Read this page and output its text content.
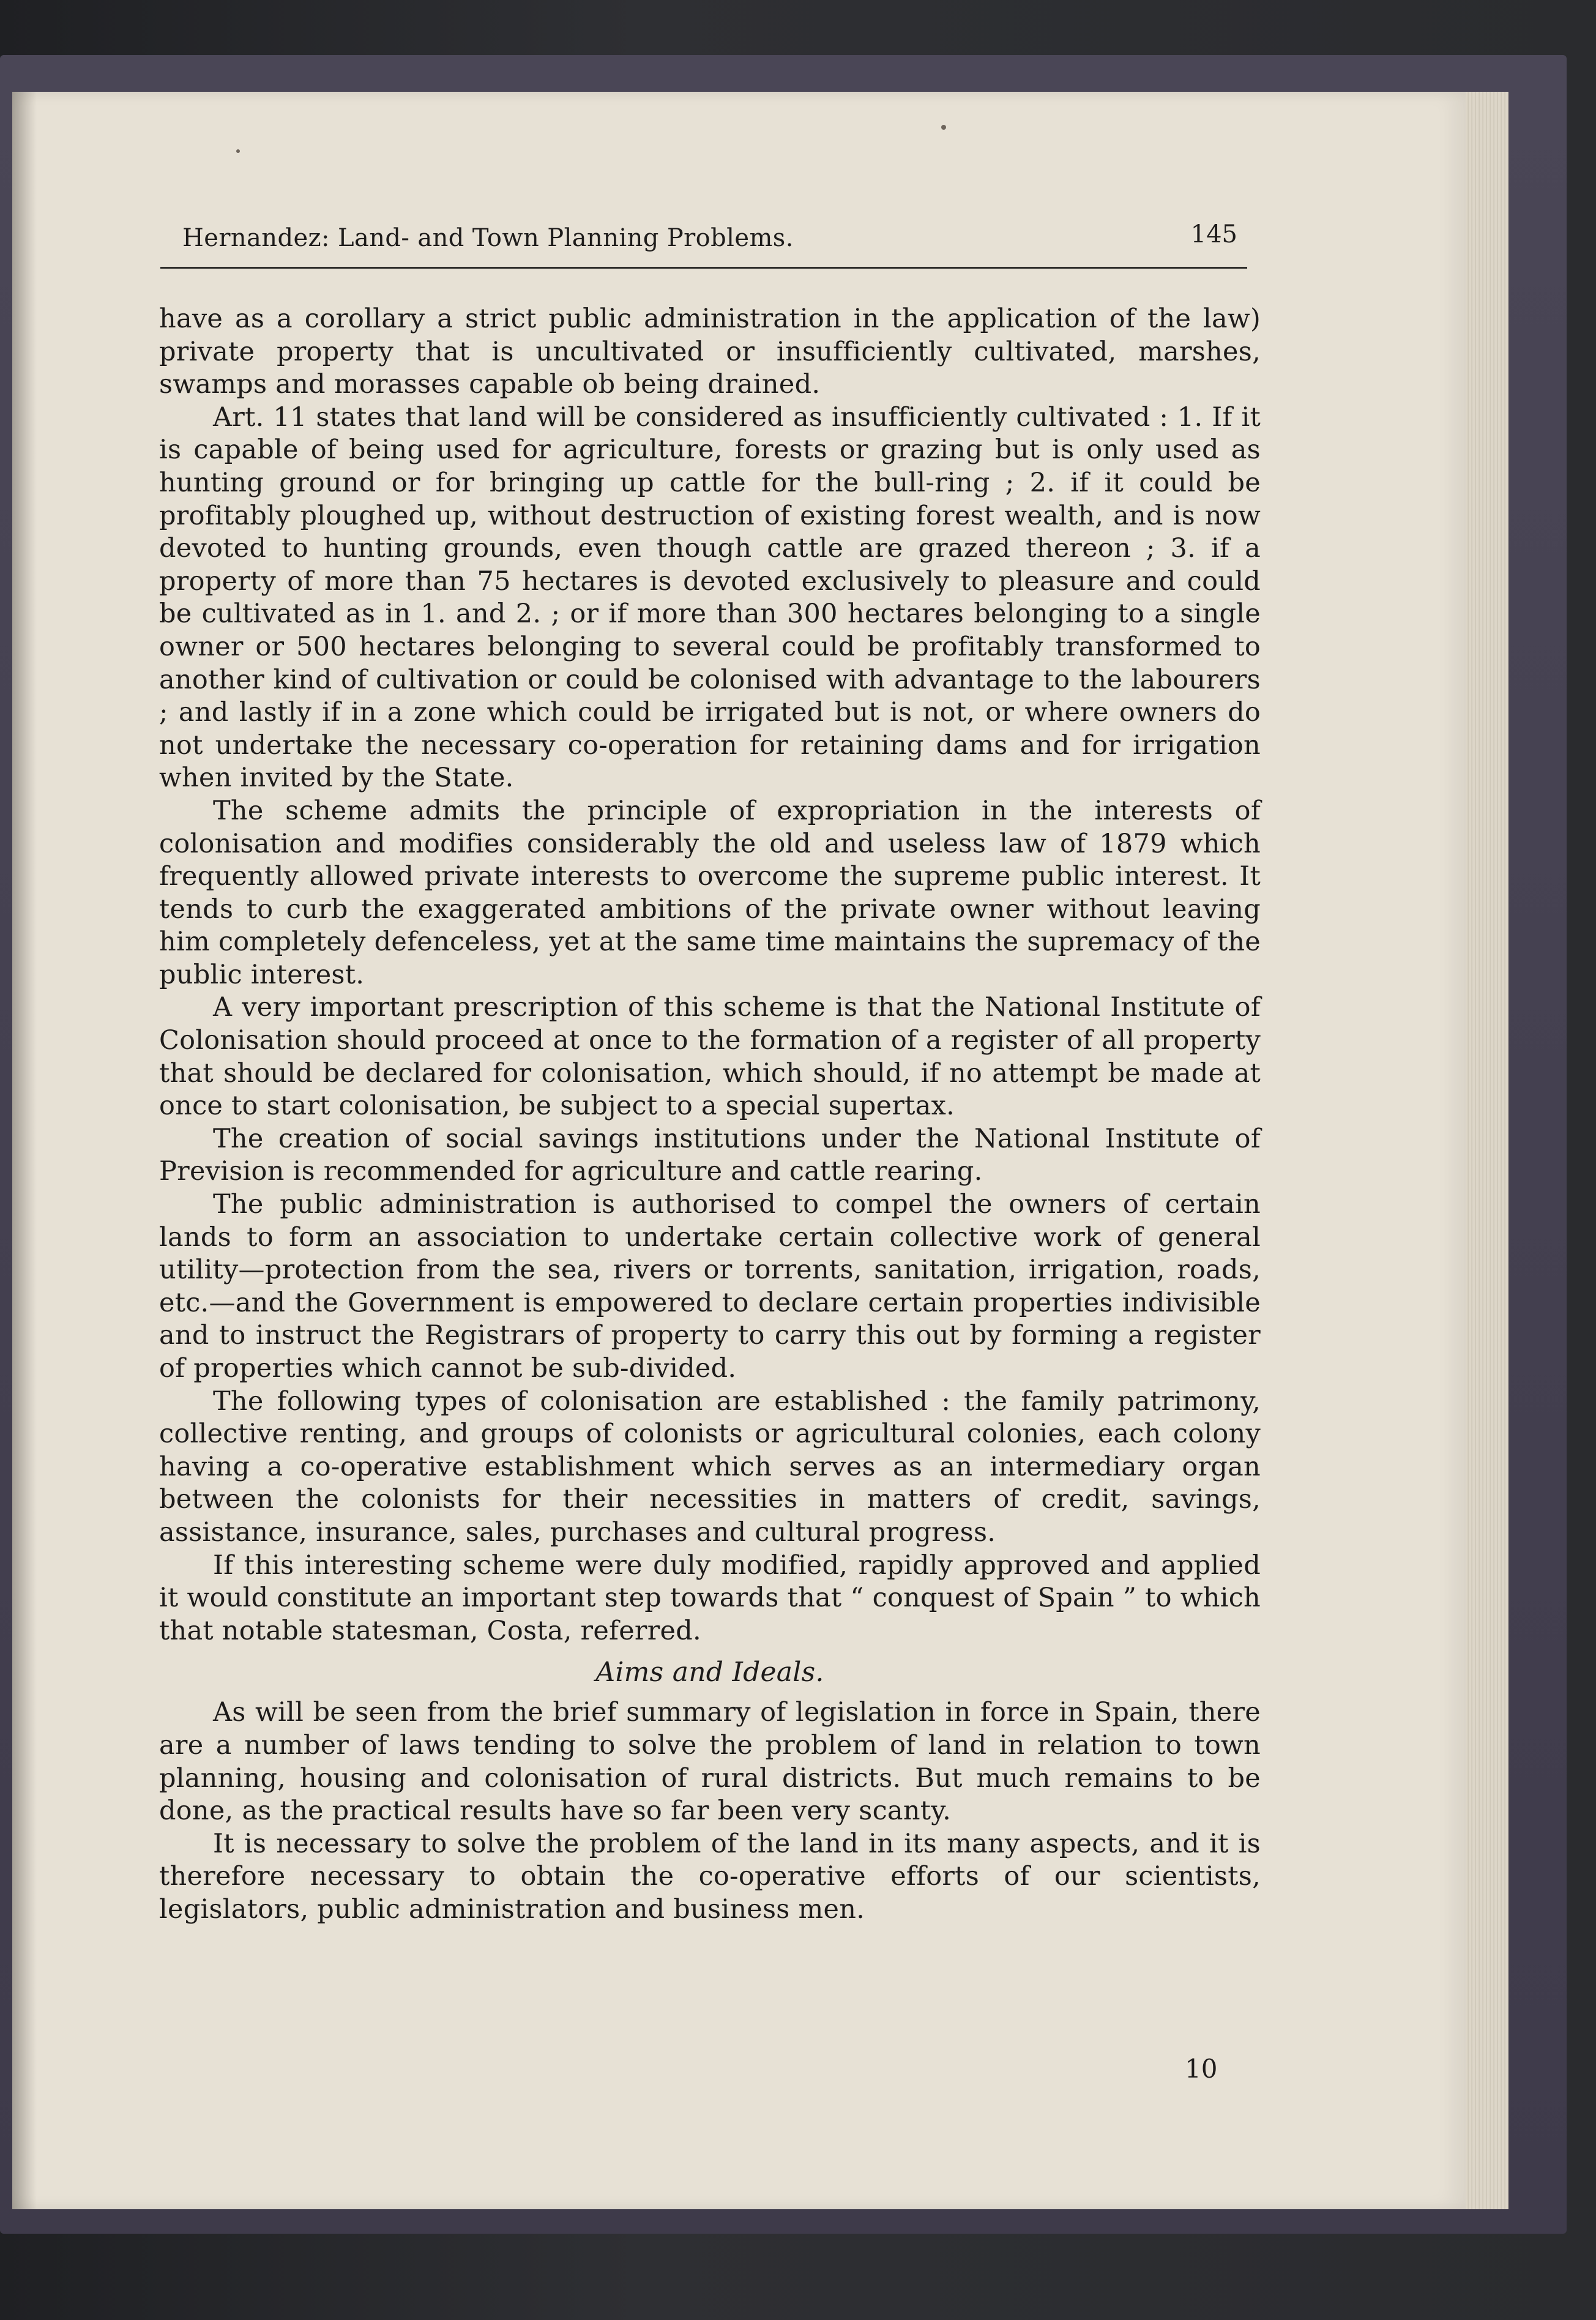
Hernandez: Land- and Town Planning Problems.	145

have as a corollary a strict public administration in the application of the law) private property that is uncultivated or insufficiently cultivated, marshes, swamps and morasses capable ob being drained.

Art. 11 states that land will be considered as insufficiently cultivated : 1. If it is capable of being used for agriculture, forests or grazing but is only used as hunting ground or for bringing up cattle for the bull-ring ; 2. if it could be profitably ploughed up, without destruction of existing forest wealth, and is now devoted to hunting grounds, even though cattle are grazed thereon ; 3. if a property of more than 75 hectares is devoted exclusively to pleasure and could be cultivated as in 1. and 2. ; or if more than 300 hectares belonging to a single owner or 500 hectares belonging to several could be profitably transformed to another kind of cultivation or could be colonised with advantage to the labourers ; and lastly if in a zone which could be irrigated but is not, or where owners do not undertake the necessary co-operation for retaining dams and for irrigation when invited by the State.

The scheme admits the principle of expropriation in the interests of colonisation and modifies considerably the old and useless law of 1879 which frequently allowed private interests to overcome the supreme public interest. It tends to curb the exaggerated ambitions of the private owner without leaving him completely defenceless, yet at the same time maintains the supremacy of the public interest.

A very important prescription of this scheme is that the National Institute of Colonisation should proceed at once to the formation of a register of all property that should be declared for colonisation, which should, if no attempt be made at once to start colonisation, be subject to a special supertax.

The creation of social savings institutions under the National Institute of Prevision is recommended for agriculture and cattle rearing.

The public administration is authorised to compel the owners of certain lands to form an association to undertake certain collective work of general utility—protection from the sea, rivers or torrents, sanitation, irrigation, roads, etc.—and the Government is empowered to declare certain properties indivisible and to instruct the Registrars of property to carry this out by forming a register of properties which cannot be sub-divided.

The following types of colonisation are established : the family patrimony, collective renting, and groups of colonists or agricultural colonies, each colony having a co-operative establishment which serves as an intermediary organ between the colonists for their necessities in matters of credit, savings, assistance, insurance, sales, purchases and cultural progress.

If this interesting scheme were duly modified, rapidly approved and applied it would constitute an important step towards that “ conquest of Spain ” to which that notable statesman, Costa, referred.

Aims and Ideals.

As will be seen from the brief summary of legislation in force in Spain, there are a number of laws tending to solve the problem of land in relation to town planning, housing and colonisation of rural districts. But much remains to be done, as the practical results have so far been very scanty.

It is necessary to solve the problem of the land in its many aspects, and it is therefore necessary to obtain the co-operative efforts of our scientists, legislators, public administration and business men.

10
